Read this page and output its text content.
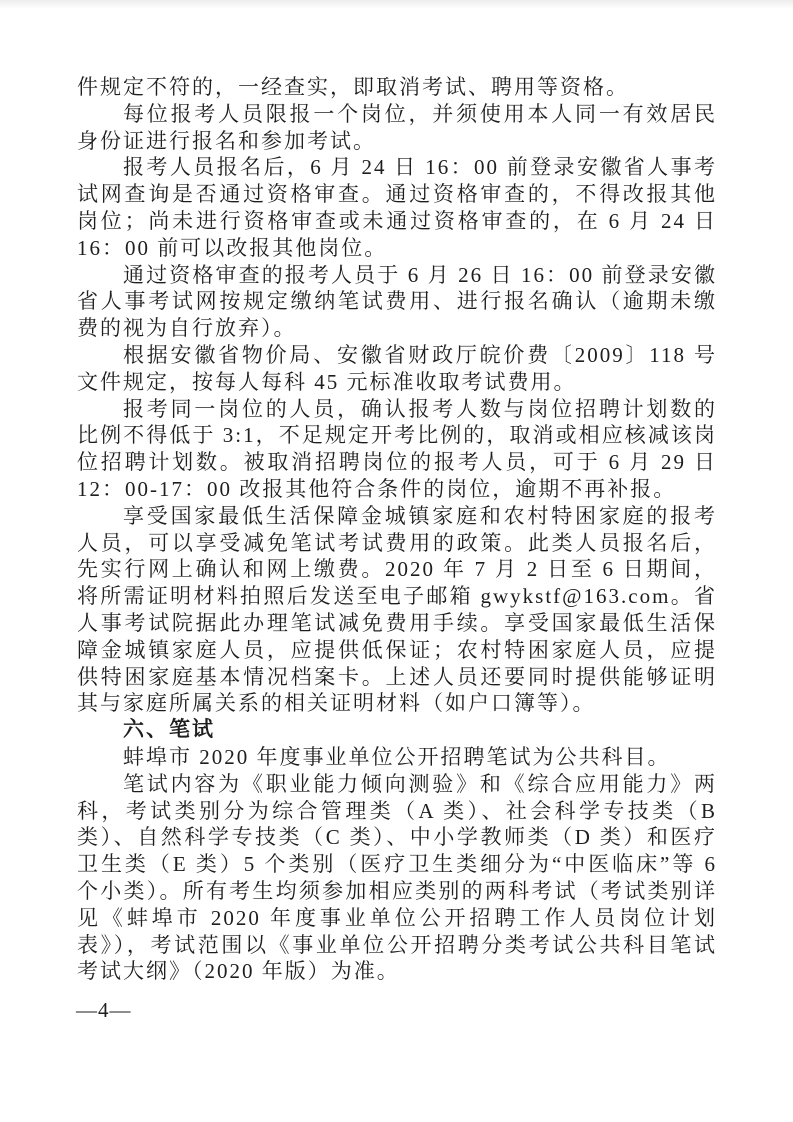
件规定不符的，一经查实，即取消考试、聘用等资格。

每位报考人员限报一个岗位，并须使用本人同一有效居民身份证进行报名和参加考试。

报考人员报名后，6 月 24 日 16：00 前登录安徽省人事考试网查询是否通过资格审查。通过资格审查的，不得改报其他岗位；尚未进行资格审查或未通过资格审查的，在 6 月 24 日 16：00 前可以改报其他岗位。

通过资格审查的报考人员于 6 月 26 日 16：00 前登录安徽省人事考试网按规定缴纳笔试费用、进行报名确认（逾期未缴费的视为自行放弃）。

根据安徽省物价局、安徽省财政厅皖价费〔2009〕118 号文件规定，按每人每科 45 元标准收取考试费用。

报考同一岗位的人员，确认报考人数与岗位招聘计划数的比例不得低于 3:1，不足规定开考比例的，取消或相应核减该岗位招聘计划数。被取消招聘岗位的报考人员，可于 6 月 29 日 12：00-17：00 改报其他符合条件的岗位，逾期不再补报。

享受国家最低生活保障金城镇家庭和农村特困家庭的报考人员，可以享受减免笔试考试费用的政策。此类人员报名后，先实行网上确认和网上缴费。2020 年 7 月 2 日至 6 日期间，将所需证明材料拍照后发送至电子邮箱 gwykstf@163.com。省人事考试院据此办理笔试减免费用手续。享受国家最低生活保障金城镇家庭人员，应提供低保证；农村特困家庭人员，应提供特困家庭基本情况档案卡。上述人员还要同时提供能够证明其与家庭所属关系的相关证明材料（如户口簿等）。

六、笔试

蚌埠市 2020 年度事业单位公开招聘笔试为公共科目。

笔试内容为《职业能力倾向测验》和《综合应用能力》两科，考试类别分为综合管理类（A 类）、社会科学专技类（B 类）、自然科学专技类（C 类）、中小学教师类（D 类）和医疗卫生类（E 类）5 个类别（医疗卫生类细分为“中医临床”等 6 个小类）。所有考生均须参加相应类别的两科考试（考试类别详见《蚌埠市 2020 年度事业单位公开招聘工作人员岗位计划表》），考试范围以《事业单位公开招聘分类考试公共科目笔试考试大纲》（2020 年版）为准。

—4—
